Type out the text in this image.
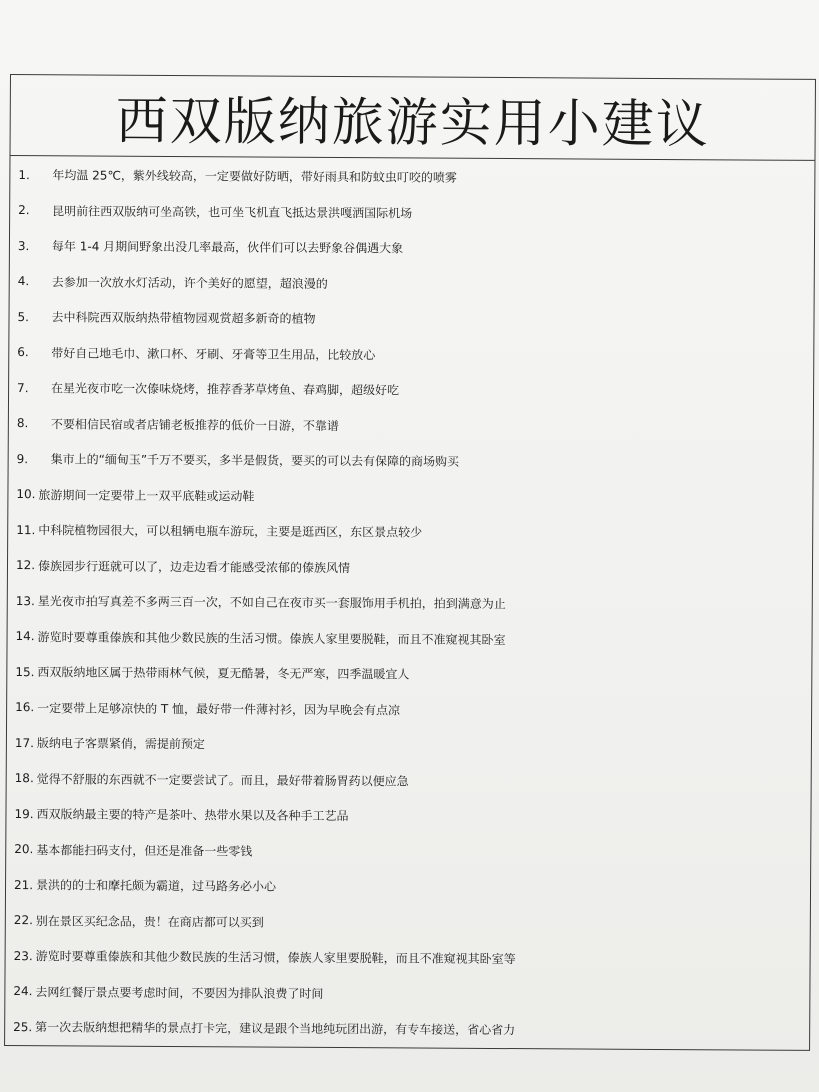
西双版纳旅游实用小建议
1.	年均温 25℃，紫外线较高，一定要做好防晒，带好雨具和防蚊虫叮咬的喷雾
2.	昆明前往西双版纳可坐高铁，也可坐飞机直飞抵达景洪嘎洒国际机场
3.	每年 1-4 月期间野象出没几率最高，伙伴们可以去野象谷偶遇大象
4.	去参加一次放水灯活动，许个美好的愿望，超浪漫的
5.	去中科院西双版纳热带植物园观赏超多新奇的植物
6.	带好自己地毛巾、漱口杯、牙刷、牙膏等卫生用品，比较放心
7.	在星光夜市吃一次傣味烧烤，推荐香茅草烤鱼、春鸡脚，超级好吃
8.	不要相信民宿或者店铺老板推荐的低价一日游，不靠谱
9.	集市上的“缅甸玉”千万不要买，多半是假货，要买的可以去有保障的商场购买
10. 旅游期间一定要带上一双平底鞋或运动鞋
11. 中科院植物园很大，可以租辆电瓶车游玩，主要是逛西区，东区景点较少
12. 傣族园步行逛就可以了，边走边看才能感受浓郁的傣族风情
13. 星光夜市拍写真差不多两三百一次，不如自己在夜市买一套服饰用手机拍，拍到满意为止
14. 游览时要尊重傣族和其他少数民族的生活习惯。傣族人家里要脱鞋，而且不准窥视其卧室
15. 西双版纳地区属于热带雨林气候，夏无酷暑，冬无严寒，四季温暖宜人
16. 一定要带上足够凉快的 T 恤，最好带一件薄衬衫，因为早晚会有点凉
17. 版纳电子客票紧俏，需提前预定
18. 觉得不舒服的东西就不一定要尝试了。而且，最好带着肠胃药以便应急
19. 西双版纳最主要的特产是茶叶、热带水果以及各种手工艺品
20. 基本都能扫码支付，但还是准备一些零钱
21. 景洪的的士和摩托颇为霸道，过马路务必小心
22. 别在景区买纪念品，贵！在商店都可以买到
23. 游览时要尊重傣族和其他少数民族的生活习惯，傣族人家里要脱鞋，而且不准窥视其卧室等
24. 去网红餐厅景点要考虑时间，不要因为排队浪费了时间
25. 第一次去版纳想把精华的景点打卡完，建议是跟个当地纯玩团出游，有专车接送，省心省力
